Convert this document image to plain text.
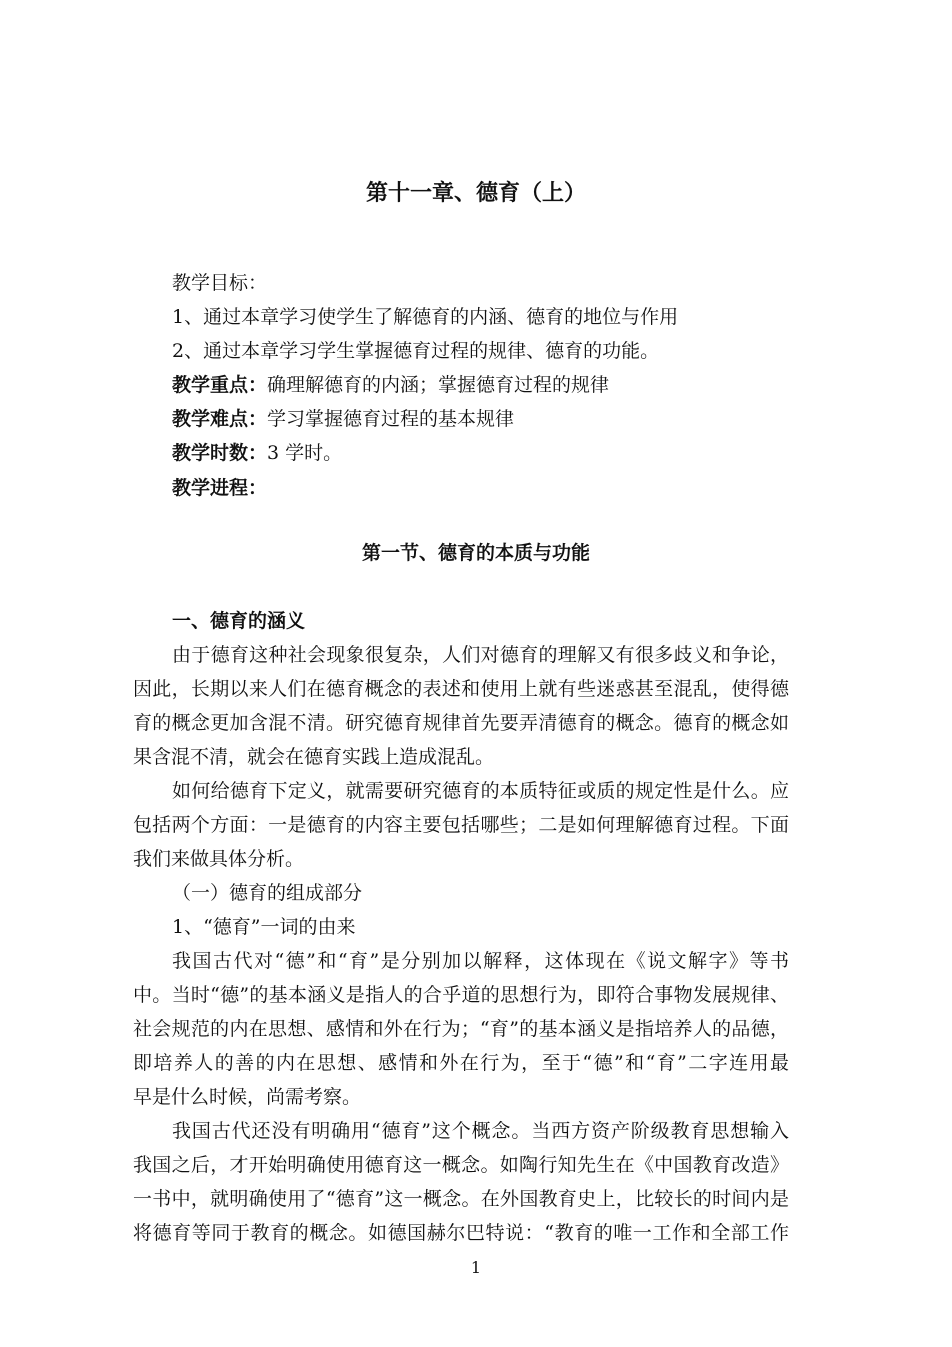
第十一章、德育（上）
教学目标：
1、通过本章学习使学生了解德育的内涵、德育的地位与作用
2、通过本章学习学生掌握德育过程的规律、德育的功能。
教学重点：确理解德育的内涵；掌握德育过程的规律
教学难点：学习掌握德育过程的基本规律
教学时数：3 学时。
教学进程：
第一节、德育的本质与功能
一、德育的涵义
由于德育这种社会现象很复杂，人们对德育的理解又有很多歧义和争论，
因此，长期以来人们在德育概念的表述和使用上就有些迷惑甚至混乱，使得德
育的概念更加含混不清。研究德育规律首先要弄清德育的概念。德育的概念如
果含混不清，就会在德育实践上造成混乱。
如何给德育下定义，就需要研究德育的本质特征或质的规定性是什么。应
包括两个方面：一是德育的内容主要包括哪些；二是如何理解德育过程。下面
我们来做具体分析。
（一）德育的组成部分
1、“德育”一词的由来
我国古代对“德”和“育”是分别加以解释，这体现在《说文解字》等书
中。当时“德”的基本涵义是指人的合乎道的思想行为，即符合事物发展规律、
社会规范的内在思想、感情和外在行为；“育”的基本涵义是指培养人的品德，
即培养人的善的内在思想、感情和外在行为，至于“德”和“育”二字连用最
早是什么时候，尚需考察。
我国古代还没有明确用“德育”这个概念。当西方资产阶级教育思想输入
我国之后，才开始明确使用德育这一概念。如陶行知先生在《中国教育改造》
一书中，就明确使用了“德育”这一概念。在外国教育史上，比较长的时间内是
将德育等同于教育的概念。如德国赫尔巴特说：“教育的唯一工作和全部工作
1
